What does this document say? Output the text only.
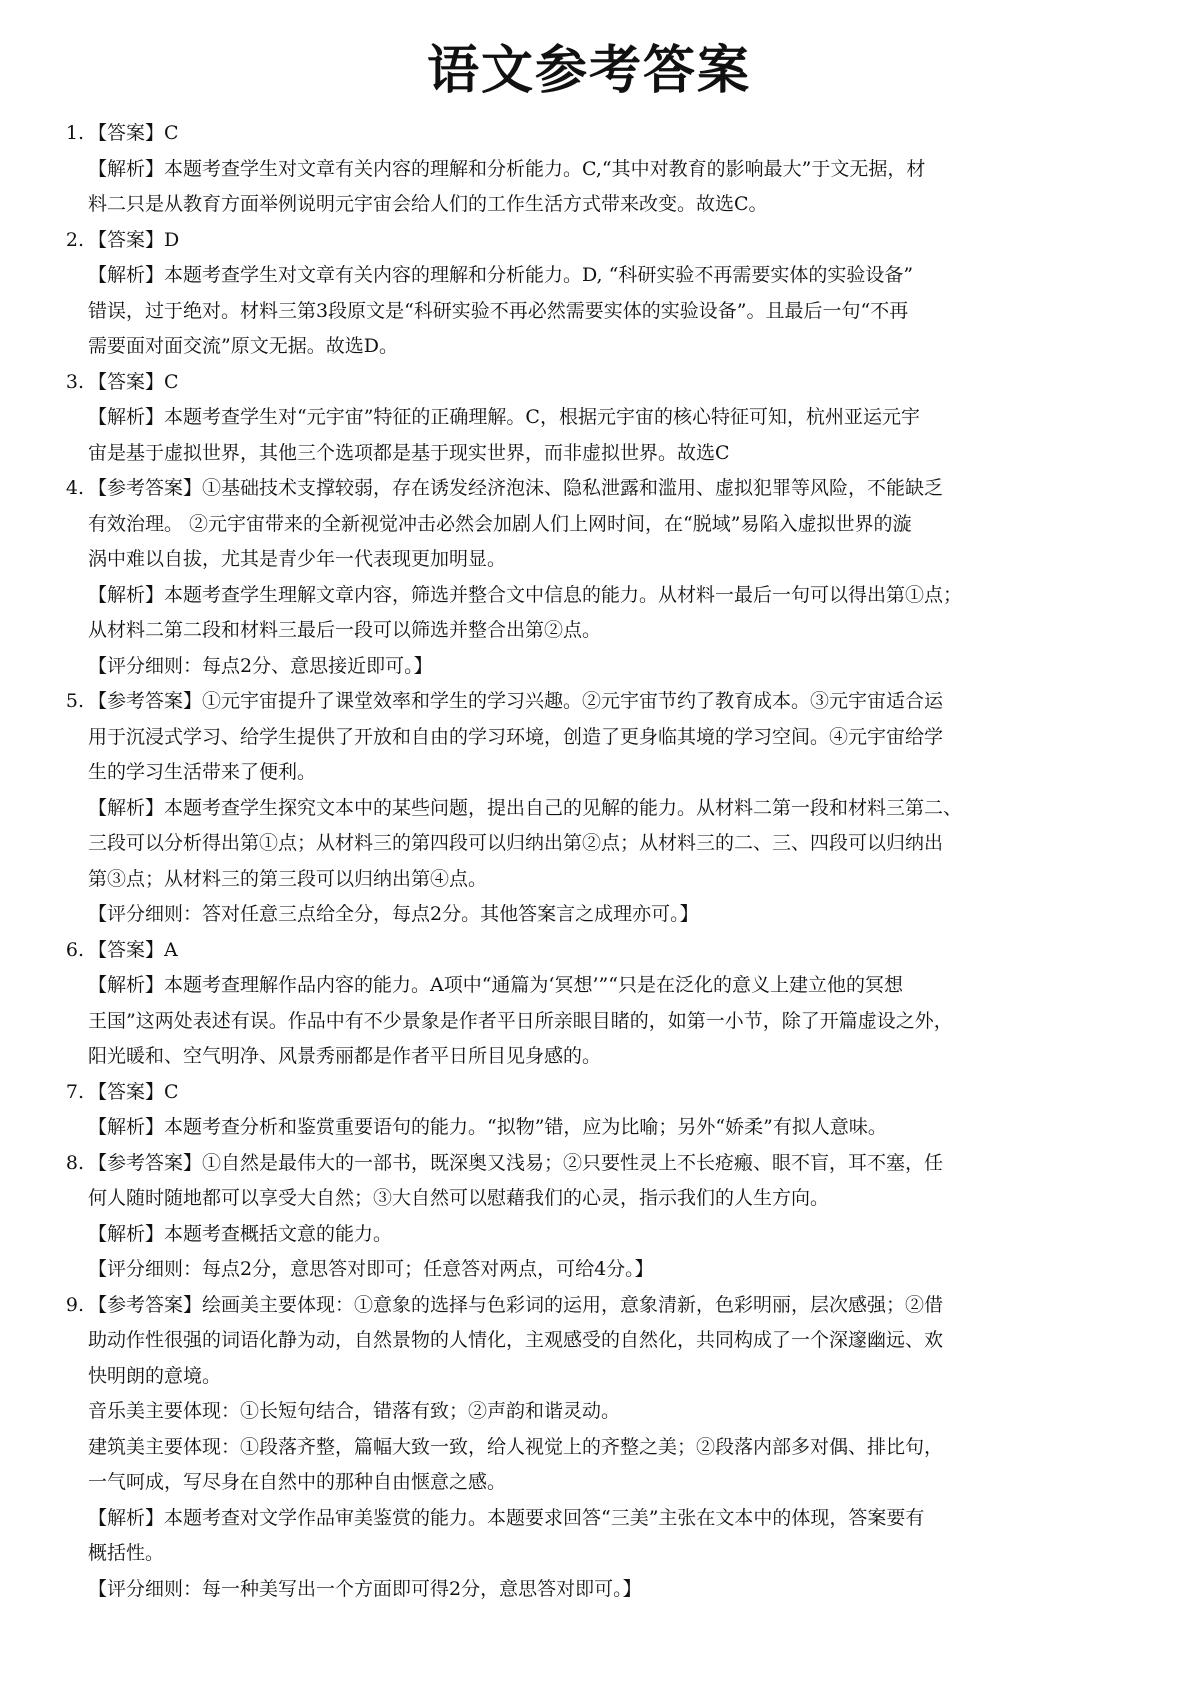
语文参考答案
1. 【答案】C
【解析】本题考查学生对文章有关内容的理解和分析能力。C,“其中对教育的影响最大”于文无据，材
料二只是从教育方面举例说明元宇宙会给人们的工作生活方式带来改变。故选C。
2. 【答案】D
【解析】本题考查学生对文章有关内容的理解和分析能力。D, “科研实验不再需要实体的实验设备”
错误，过于绝对。材料三第3段原文是“科研实验不再必然需要实体的实验设备”。且最后一句“不再
需要面对面交流”原文无据。故选D。
3. 【答案】C
【解析】本题考查学生对“元宇宙”特征的正确理解。C，根据元宇宙的核心特征可知，杭州亚运元宇
宙是基于虚拟世界，其他三个选项都是基于现实世界，而非虚拟世界。故选C
4. 【参考答案】①基础技术支撑较弱，存在诱发经济泡沫、隐私泄露和滥用、虚拟犯罪等风险，不能缺乏
有效治理。 ②元宇宙带来的全新视觉冲击必然会加剧人们上网时间，在“脱域”易陷入虚拟世界的漩
涡中难以自拔，尤其是青少年一代表现更加明显。
【解析】本题考查学生理解文章内容，筛选并整合文中信息的能力。从材料一最后一句可以得出第①点；
从材料二第二段和材料三最后一段可以筛选并整合出第②点。
【评分细则：每点2分、意思接近即可。】
5. 【参考答案】①元宇宙提升了课堂效率和学生的学习兴趣。②元宇宙节约了教育成本。③元宇宙适合运
用于沉浸式学习、给学生提供了开放和自由的学习环境，创造了更身临其境的学习空间。④元宇宙给学
生的学习生活带来了便利。
【解析】本题考查学生探究文本中的某些问题，提出自己的见解的能力。从材料二第一段和材料三第二、
三段可以分析得出第①点；从材料三的第四段可以归纳出第②点；从材料三的二、三、四段可以归纳出
第③点；从材料三的第三段可以归纳出第④点。
【评分细则：答对任意三点给全分，每点2分。其他答案言之成理亦可。】
6. 【答案】A
【解析】本题考查理解作品内容的能力。A项中“通篇为‘冥想’”“只是在泛化的意义上建立他的冥想
王国”这两处表述有误。作品中有不少景象是作者平日所亲眼目睹的，如第一小节，除了开篇虚设之外，
阳光暖和、空气明净、风景秀丽都是作者平日所目见身感的。
7. 【答案】C
【解析】本题考查分析和鉴赏重要语句的能力。“拟物”错，应为比喻；另外“娇柔”有拟人意味。
8. 【参考答案】①自然是最伟大的一部书，既深奥又浅易；②只要性灵上不长疮瘢、眼不盲，耳不塞，任
何人随时随地都可以享受大自然；③大自然可以慰藉我们的心灵，指示我们的人生方向。
【解析】本题考查概括文意的能力。
【评分细则：每点2分，意思答对即可；任意答对两点，可给4分。】
9. 【参考答案】绘画美主要体现：①意象的选择与色彩词的运用，意象清新，色彩明丽，层次感强；②借
助动作性很强的词语化静为动，自然景物的人情化，主观感受的自然化，共同构成了一个深邃幽远、欢
快明朗的意境。
音乐美主要体现：①长短句结合，错落有致；②声韵和谐灵动。
建筑美主要体现：①段落齐整，篇幅大致一致，给人视觉上的齐整之美；②段落内部多对偶、排比句，
一气呵成，写尽身在自然中的那种自由惬意之感。
【解析】本题考查对文学作品审美鉴赏的能力。本题要求回答“三美”主张在文本中的体现，答案要有
概括性。
【评分细则：每一种美写出一个方面即可得2分，意思答对即可。】
